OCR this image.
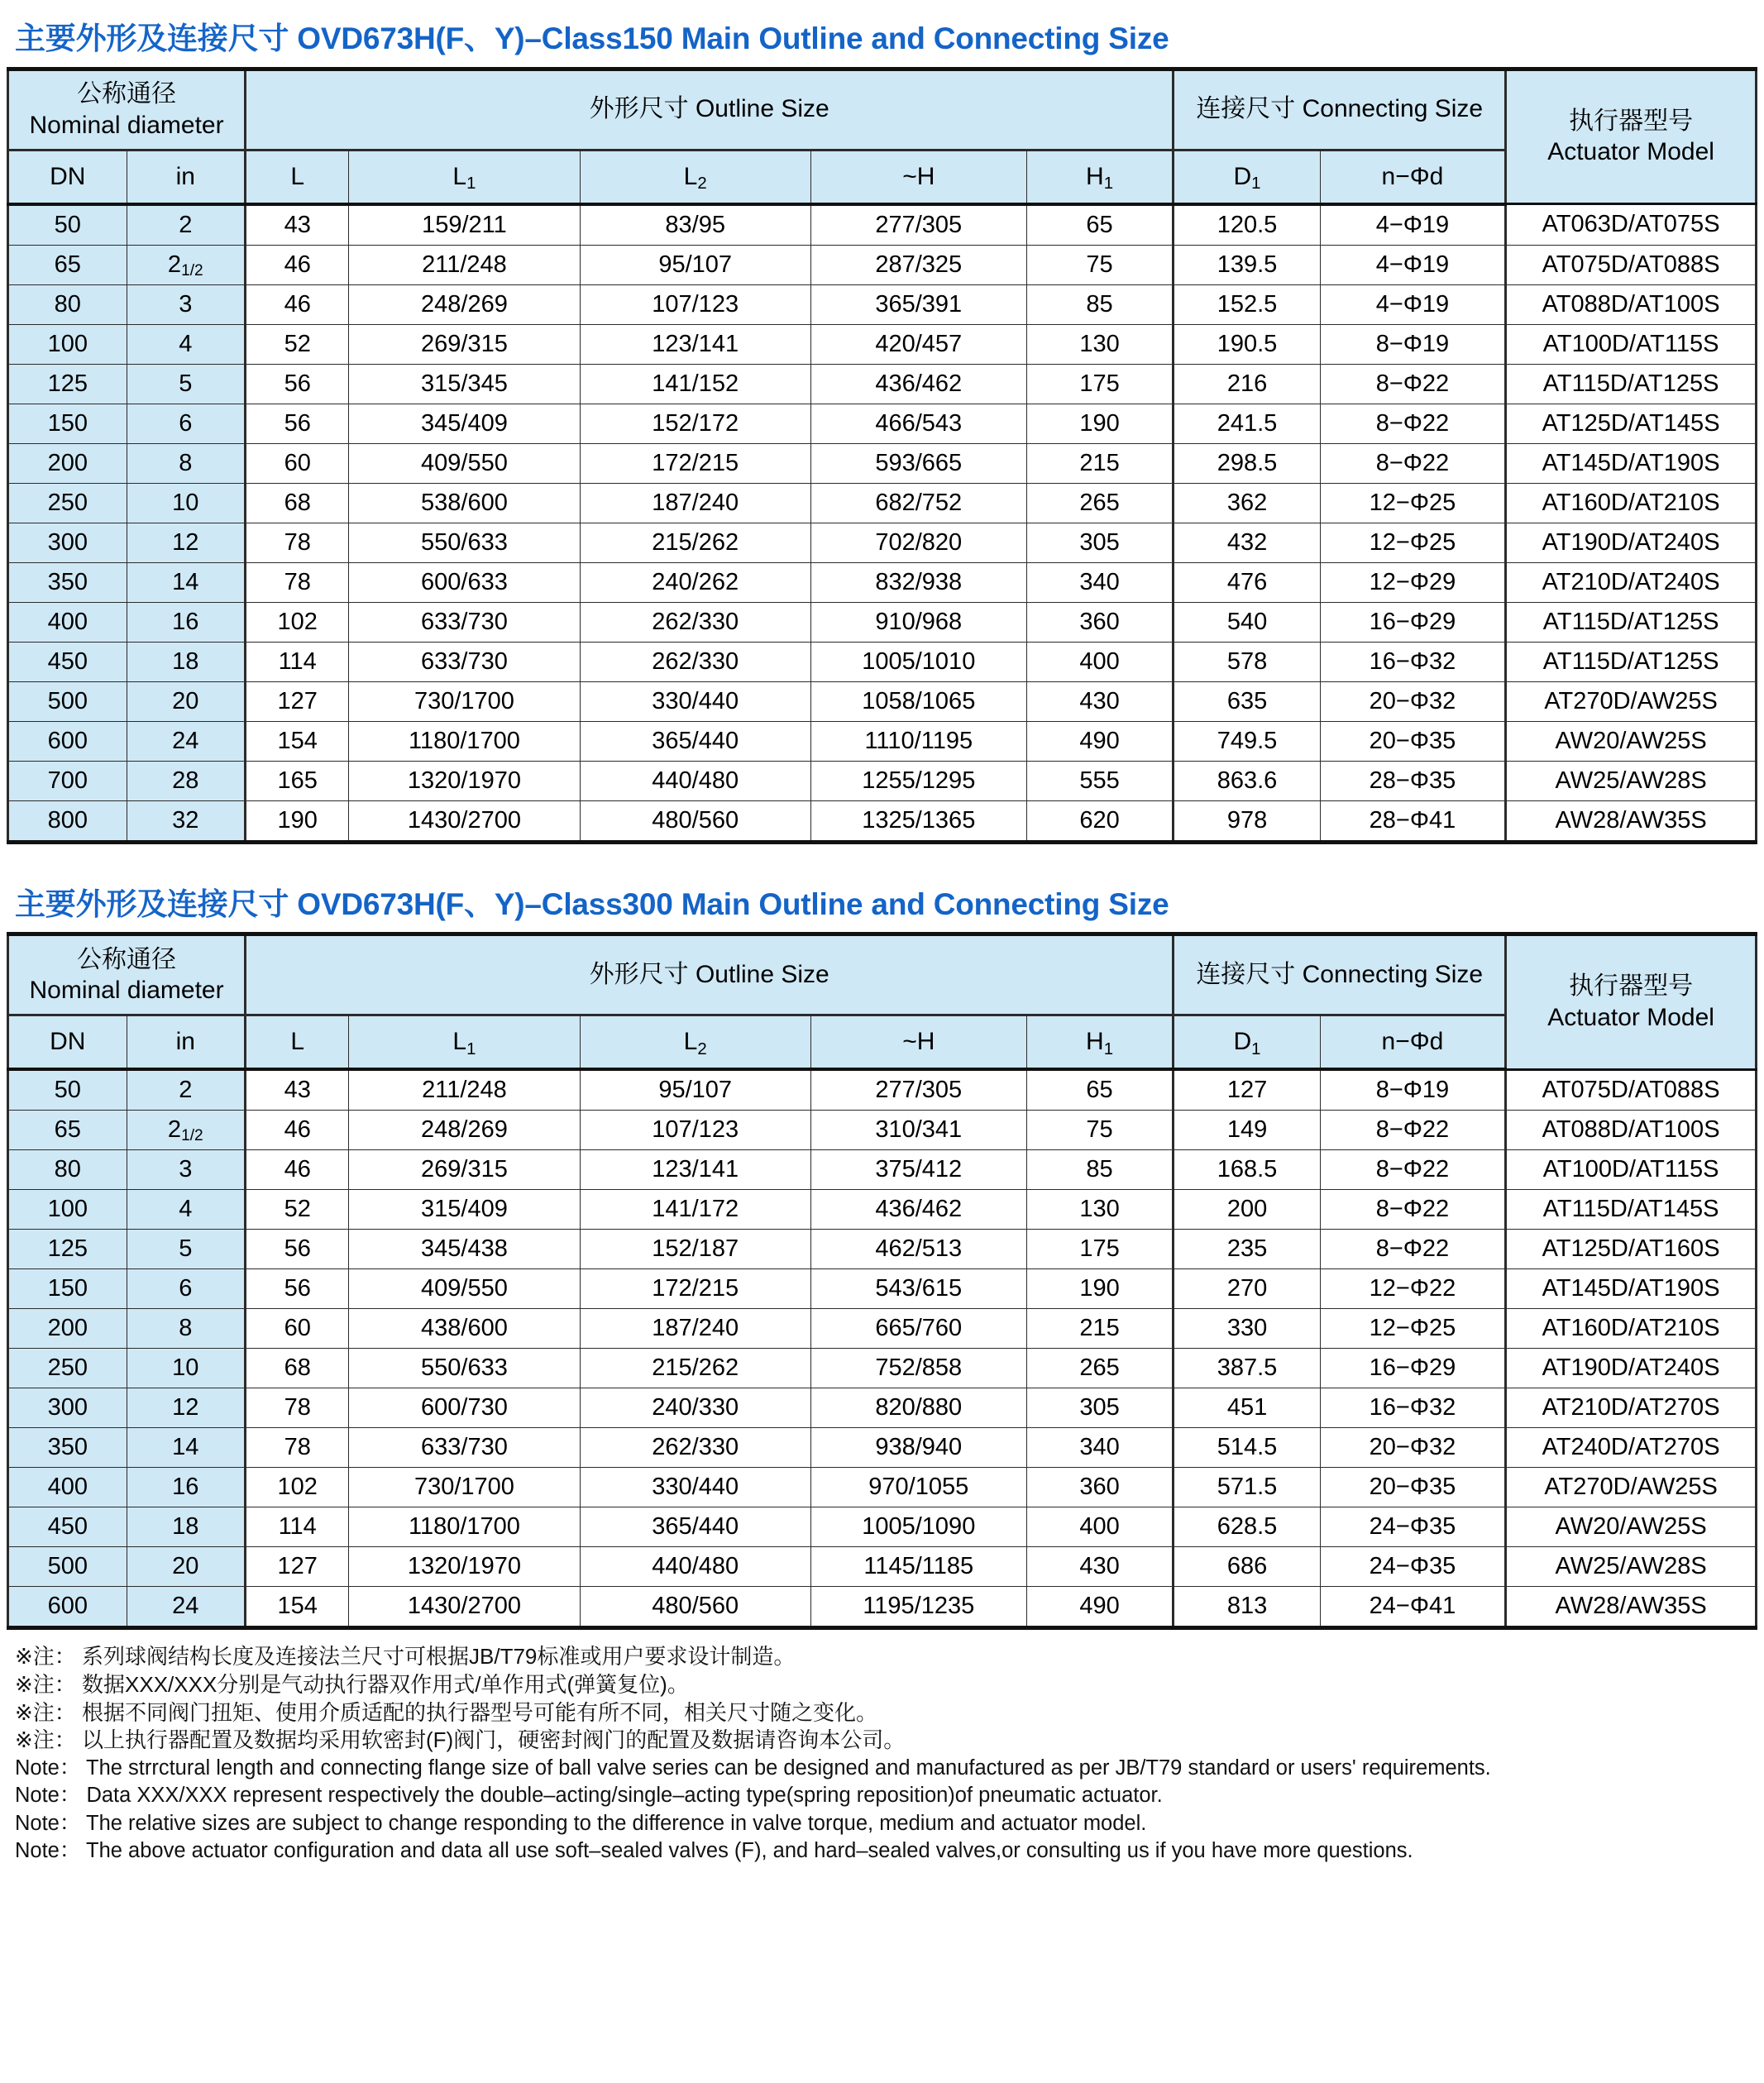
主要外形及连接尺寸 OVD673H(F、Y)–Class150 Main Outline and Connecting Size
公称通径
Nominal diameter
	外形尺寸 Outline Size	连接尺寸 Connecting Size	执行器型号
Actuator Model

DN	in	L	$L_1$	$L_2$	~H	$H_1$	$D_1$	n−Φd	
50	2	43	159/211	83/95	277/305	65	120.5	4−Φ19	AT063D/AT075S
65	21/2	46	211/248	95/107	287/325	75	139.5	4−Φ19	AT075D/AT088S
80	3	46	248/269	107/123	365/391	85	152.5	4−Φ19	AT088D/AT100S
100	4	52	269/315	123/141	420/457	130	190.5	8−Φ19	AT100D/AT115S
125	5	56	315/345	141/152	436/462	175	216	8−Φ22	AT115D/AT125S
150	6	56	345/409	152/172	466/543	190	241.5	8−Φ22	AT125D/AT145S
200	8	60	409/550	172/215	593/665	215	298.5	8−Φ22	AT145D/AT190S
250	10	68	538/600	187/240	682/752	265	362	12−Φ25	AT160D/AT210S
300	12	78	550/633	215/262	702/820	305	432	12−Φ25	AT190D/AT240S
350	14	78	600/633	240/262	832/938	340	476	12−Φ29	AT210D/AT240S
400	16	102	633/730	262/330	910/968	360	540	16−Φ29	AT115D/AT125S
450	18	114	633/730	262/330	1005/1010	400	578	16−Φ32	AT115D/AT125S
500	20	127	730/1700	330/440	1058/1065	430	635	20−Φ32	AT270D/AW25S
600	24	154	1180/1700	365/440	1110/1195	490	749.5	20−Φ35	AW20/AW25S
700	28	165	1320/1970	440/480	1255/1295	555	863.6	28−Φ35	AW25/AW28S
800	32	190	1430/2700	480/560	1325/1365	620	978	28−Φ41	AW28/AW35S
主要外形及连接尺寸 OVD673H(F、Y)–Class300 Main Outline and Connecting Size
公称通径
Nominal diameter
	外形尺寸 Outline Size	连接尺寸 Connecting Size	执行器型号
Actuator Model

DN	in	L	$L_1$	$L_2$	~H	$H_1$	$D_1$	n−Φd	
50	2	43	211/248	95/107	277/305	65	127	8−Φ19	AT075D/AT088S
65	21/2	46	248/269	107/123	310/341	75	149	8−Φ22	AT088D/AT100S
80	3	46	269/315	123/141	375/412	85	168.5	8−Φ22	AT100D/AT115S
100	4	52	315/409	141/172	436/462	130	200	8−Φ22	AT115D/AT145S
125	5	56	345/438	152/187	462/513	175	235	8−Φ22	AT125D/AT160S
150	6	56	409/550	172/215	543/615	190	270	12−Φ22	AT145D/AT190S
200	8	60	438/600	187/240	665/760	215	330	12−Φ25	AT160D/AT210S
250	10	68	550/633	215/262	752/858	265	387.5	16−Φ29	AT190D/AT240S
300	12	78	600/730	240/330	820/880	305	451	16−Φ32	AT210D/AT270S
350	14	78	633/730	262/330	938/940	340	514.5	20−Φ32	AT240D/AT270S
400	16	102	730/1700	330/440	970/1055	360	571.5	20−Φ35	AT270D/AW25S
450	18	114	1180/1700	365/440	1005/1090	400	628.5	24−Φ35	AW20/AW25S
500	20	127	1320/1970	440/480	1145/1185	430	686	24−Φ35	AW25/AW28S
600	24	154	1430/2700	480/560	1195/1235	490	813	24−Φ41	AW28/AW35S
※注： 系列球阀结构长度及连接法兰尺寸可根据JB/T79标准或用户要求设计制造。
※注： 数据XXX/XXX分别是气动执行器双作用式/单作用式(弹簧复位)。
※注： 根据不同阀门扭矩、使用介质适配的执行器型号可能有所不同，相关尺寸随之变化。
※注： 以上执行器配置及数据均采用软密封(F)阀门，硬密封阀门的配置及数据请咨询本公司。
Note： The strrctural length and connecting flange size of ball valve series can be designed and manufactured as per JB/T79 standard or users' requirements.
Note： Data XXX/XXX represent respectively the double–acting/single–acting type(spring reposition)of pneumatic actuator.
Note： The relative sizes are subject to change responding to the difference in valve torque, medium and actuator model.
Note： The above actuator configuration and data all use soft–sealed valves (F), and hard–sealed valves,or consulting us if you have more questions.
